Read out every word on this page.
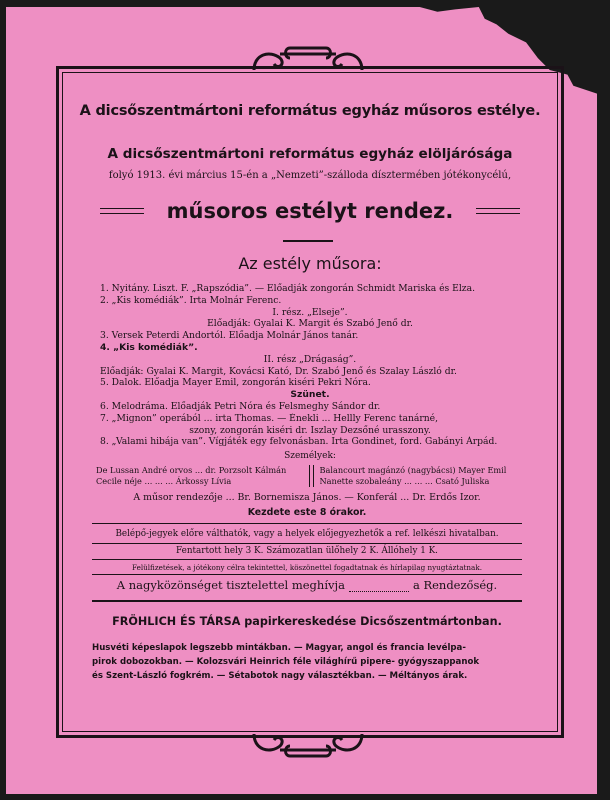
A dicsőszentmártoni református egyház műsoros estélye.
A dicsőszentmártoni református egyház elöljárósága
folyó 1913. évi március 15-én a „Nemzeti”-szálloda dísztermében jótékonycélú,
műsoros estélyt rendez.
Az estély műsora:
1. Nyitány. Liszt. F. „Rapszódia”. — Előadják zongorán Schmidt Mariska és Elza.
2. „Kis komédiák”. Irta Molnár Ferenc.
I. rész. „Elseje”.
Előadják: Gyalai K. Margit és Szabó Jenő dr.
3. Versek Peterdi Andortól. Előadja Molnár János tanár.
4. „Kis komédiák”.
II. rész „Drágaság”.
Előadják: Gyalai K. Margit, Kovácsi Kató, Dr. Szabó Jenő és Szalay László dr.
5. Dalok. Előadja Mayer Emil, zongorán kiséri Pekri Nóra.
Szünet.
6. Melodráma. Előadják Petri Nóra és Felsmeghy Sándor dr.
7. „Mignon” operából ... irta Thomas. — Énekli ... Hellly Ferenc tanárné,
szony, zongorán kiséri dr. Iszlay Dezsőné urasszony.
8. „Valami hibája van”. Vígjáték egy felvonásban. Irta Gondinet, ford. Gabányi Árpád.
Személyek:
De Lussan André orvos ... dr. Porzsolt Kálmán	Balancourt magánzó (nagybácsi) Mayer Emil
Cecile néje ... ... ... Árkossy Lívia	Nanette szobaleány ... ... ... Csató Juliska
A műsor rendezője ... Br. Bornemisza János. — Konferál ... Dr. Erdős Izor.
Kezdete este 8 órakor.
Belépő-jegyek előre válthatók, vagy a helyek előjegyezhetők a ref. lelkészi hivatalban.
Fentartott hely 3 K. Számozatlan ülőhely 2 K. Állóhely 1 K.
Felülfizetések, a jótékony célra tekintettel, köszönettel fogadtatnak és hírlapilag nyugtáztatnak.
A nagyközönséget tisztelettel meghívja	a Rendezőség.
FRÖHLICH ÉS TÁRSA papirkereskedése Dicsőszentmártonban.
Husvéti képeslapok legszebb mintákban. — Magyar, angol és francia levélpa-
pirok dobozokban. — Kolozsvári Heinrich féle világhírű pipere- gyógyszappanok
és Szent-László fogkrém. — Sétabotok nagy választékban. — Méltányos árak.
